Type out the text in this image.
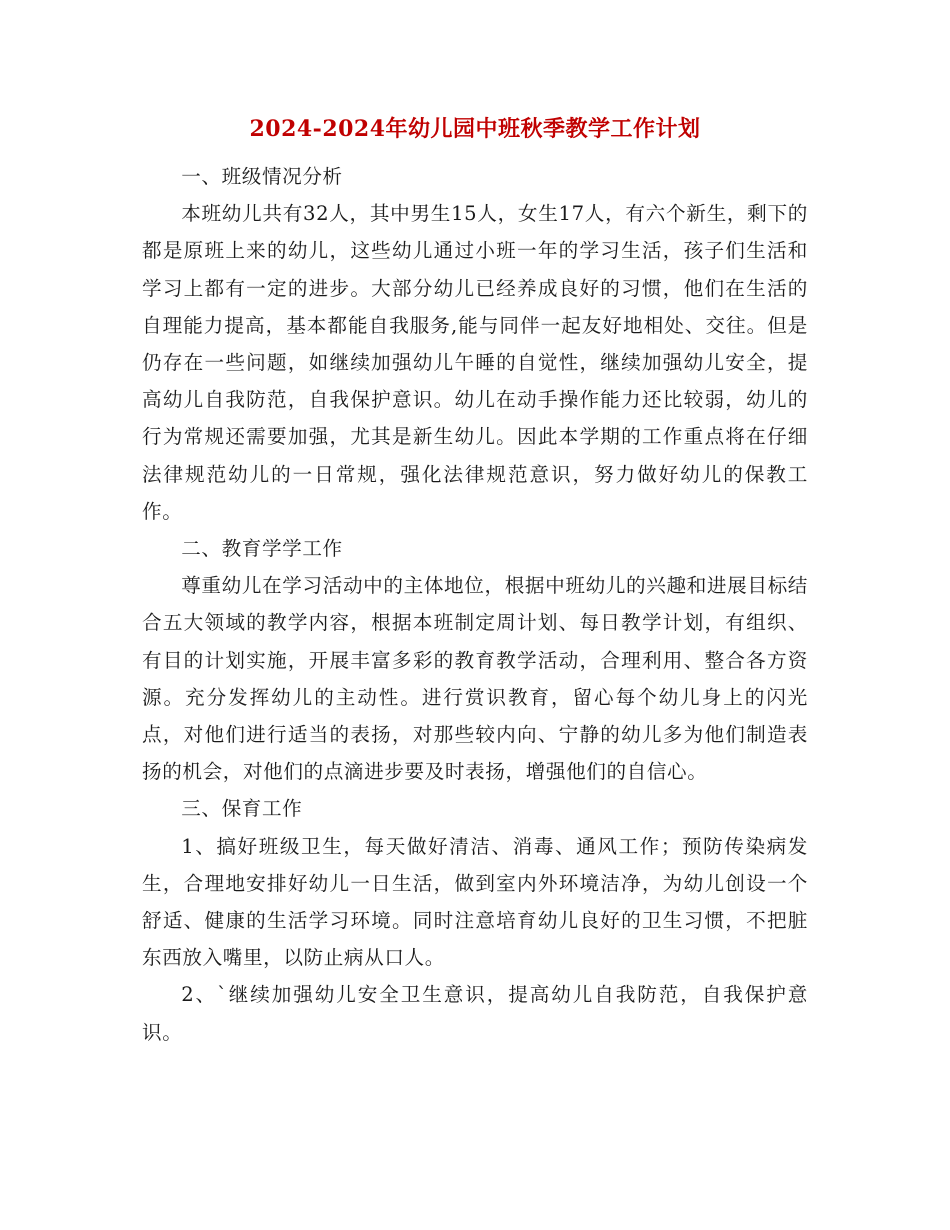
2024-2024年幼儿园中班秋季教学工作计划

一、班级情况分析

本班幼儿共有32人，其中男生15人，女生17人，有六个新生，剩下的都是原班上来的幼儿，这些幼儿通过小班一年的学习生活，孩子们生活和学习上都有一定的进步。大部分幼儿已经养成良好的习惯，他们在生活的自理能力提高，基本都能自我服务,能与同伴一起友好地相处、交往。但是仍存在一些问题，如继续加强幼儿午睡的自觉性，继续加强幼儿安全，提高幼儿自我防范，自我保护意识。幼儿在动手操作能力还比较弱，幼儿的行为常规还需要加强，尤其是新生幼儿。因此本学期的工作重点将在仔细法律规范幼儿的一日常规，强化法律规范意识，努力做好幼儿的保教工作。

二、教育学学工作

尊重幼儿在学习活动中的主体地位，根据中班幼儿的兴趣和进展目标结合五大领域的教学内容，根据本班制定周计划、每日教学计划，有组织、有目的计划实施，开展丰富多彩的教育教学活动，合理利用、整合各方资源。充分发挥幼儿的主动性。进行赏识教育，留心每个幼儿身上的闪光点，对他们进行适当的表扬，对那些较内向、宁静的幼儿多为他们制造表扬的机会，对他们的点滴进步要及时表扬，增强他们的自信心。

三、保育工作

1、搞好班级卫生，每天做好清洁、消毒、通风工作；预防传染病发生，合理地安排好幼儿一日生活，做到室内外环境洁净，为幼儿创设一个舒适、健康的生活学习环境。同时注意培育幼儿良好的卫生习惯，不把脏东西放入嘴里，以防止病从口人。

2、`继续加强幼儿安全卫生意识，提高幼儿自我防范，自我保护意识。
